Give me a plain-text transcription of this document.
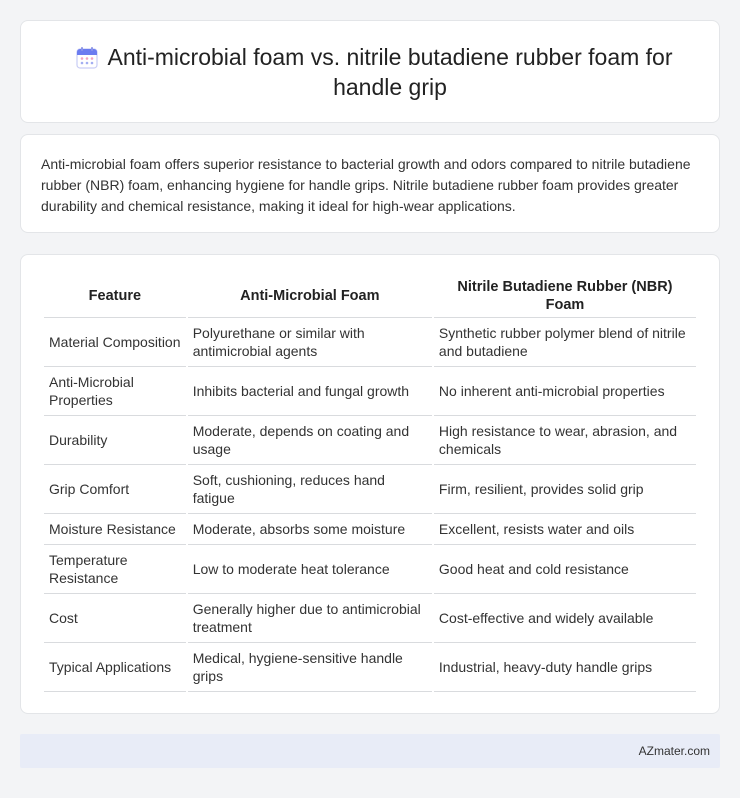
Anti-microbial foam vs. nitrile butadiene rubber foam for handle grip

Anti-microbial foam offers superior resistance to bacterial growth and odors compared to nitrile butadiene rubber (NBR) foam, enhancing hygiene for handle grips. Nitrile butadiene rubber foam provides greater durability and chemical resistance, making it ideal for high-wear applications.

Feature	Anti-Microbial Foam	Nitrile Butadiene Rubber (NBR) Foam
Material Composition	Polyurethane or similar with antimicrobial agents	Synthetic rubber polymer blend of nitrile and butadiene
Anti-Microbial Properties	Inhibits bacterial and fungal growth	No inherent anti-microbial properties
Durability	Moderate, depends on coating and usage	High resistance to wear, abrasion, and chemicals
Grip Comfort	Soft, cushioning, reduces hand fatigue	Firm, resilient, provides solid grip
Moisture Resistance	Moderate, absorbs some moisture	Excellent, resists water and oils
Temperature Resistance	Low to moderate heat tolerance	Good heat and cold resistance
Cost	Generally higher due to antimicrobial treatment	Cost-effective and widely available
Typical Applications	Medical, hygiene-sensitive handle grips	Industrial, heavy-duty handle grips
AZmater.com
